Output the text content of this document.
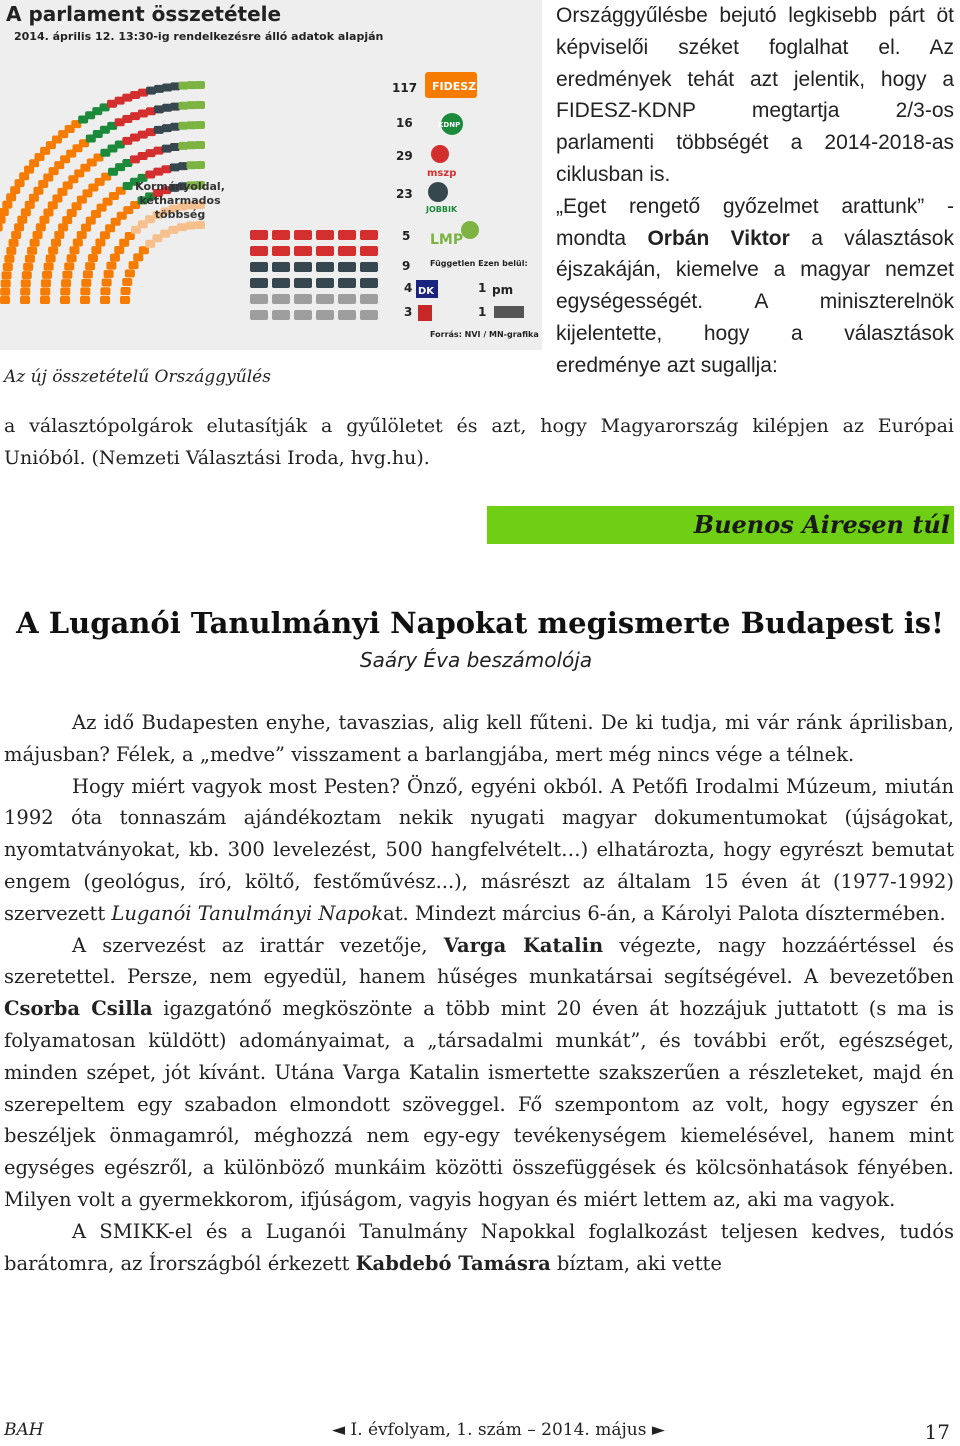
A parlament összetétele
2014. április 12. 13:30-ig rendelkezésre álló adatok alapján
117
16
29
23
5
9
4	1
3	1
FIDESZ
KDNP
mszp
JOBBIK
LMP
Független Ezen belül:
DK	pm
Kormányoldal, kétharmados többség
Forrás: NVI / MN-grafika
Az új összetételű Országgyűlés
Országgyűlésbe bejutó legkisebb párt öt képviselői széket foglalhat el. Az eredmények tehát azt jelentik, hogy a FIDESZ-KDNP megtartja 2/3-os parlamenti többségét a 2014-2018-as ciklusban is.
„Eget rengető győzelmet arattunk” - mondta Orbán Viktor a választások éjszakáján, kiemelve a magyar nemzet egységességét. A miniszterelnök kijelentette, hogy a választások eredménye azt sugallja:
a választópolgárok elutasítják a gyűlöletet és azt, hogy Magyarország kilépjen az Európai Unióból. (Nemzeti Választási Iroda, hvg.hu).
Buenos Airesen túl
A Luganói Tanulmányi Napokat megismerte Budapest is!
Saáry Éva beszámolója

Az idő Budapesten enyhe, tavaszias, alig kell fűteni. De ki tudja, mi vár ránk áprilisban, májusban? Félek, a „medve” visszament a barlangjába, mert még nincs vége a télnek.

Hogy miért vagyok most Pesten? Önző, egyéni okból. A Petőfi Irodalmi Múzeum, miután 1992 óta tonnaszám ajándékoztam nekik nyugati magyar dokumentumokat (újságokat, nyomtatványokat, kb. 300 levelezést, 500 hangfelvételt…) elhatározta, hogy egyrészt bemutat engem (geológus, író, költő, festőművész...), másrészt az általam 15 éven át (1977-1992) szervezett Luganói Tanulmányi Napokat. Mindezt március 6-án, a Károlyi Palota dísztermében.

A szervezést az irattár vezetője, Varga Katalin végezte, nagy hozzáértéssel és szeretettel. Persze, nem egyedül, hanem hűséges munkatársai segítségével. A bevezetőben Csorba Csilla igazgatónő megköszönte a több mint 20 éven át hozzájuk juttatott (s ma is folyamatosan küldött) adományaimat, a „társadalmi munkát”, és további erőt, egészséget, minden szépet, jót kívánt. Utána Varga Katalin ismertette szakszerűen a részleteket, majd én szerepeltem egy szabadon elmondott szöveggel. Fő szempontom az volt, hogy egyszer én beszéljek önmagamról, méghozzá nem egy-egy tevékenységem kiemelésével, hanem mint egységes egészről, a különböző munkáim közötti összefüggések és kölcsönhatások fényében. Milyen volt a gyermekkorom, ifjúságom, vagyis hogyan és miért lettem az, aki ma vagyok.

A SMIKK-el és a Luganói Tanulmány Napokkal foglalkozást teljesen kedves, tudós barátomra, az Írországból érkezett Kabdebó Tamásra bíztam, aki vette

BAH	◄ I. évfolyam, 1. szám – 2014. május ►	17
